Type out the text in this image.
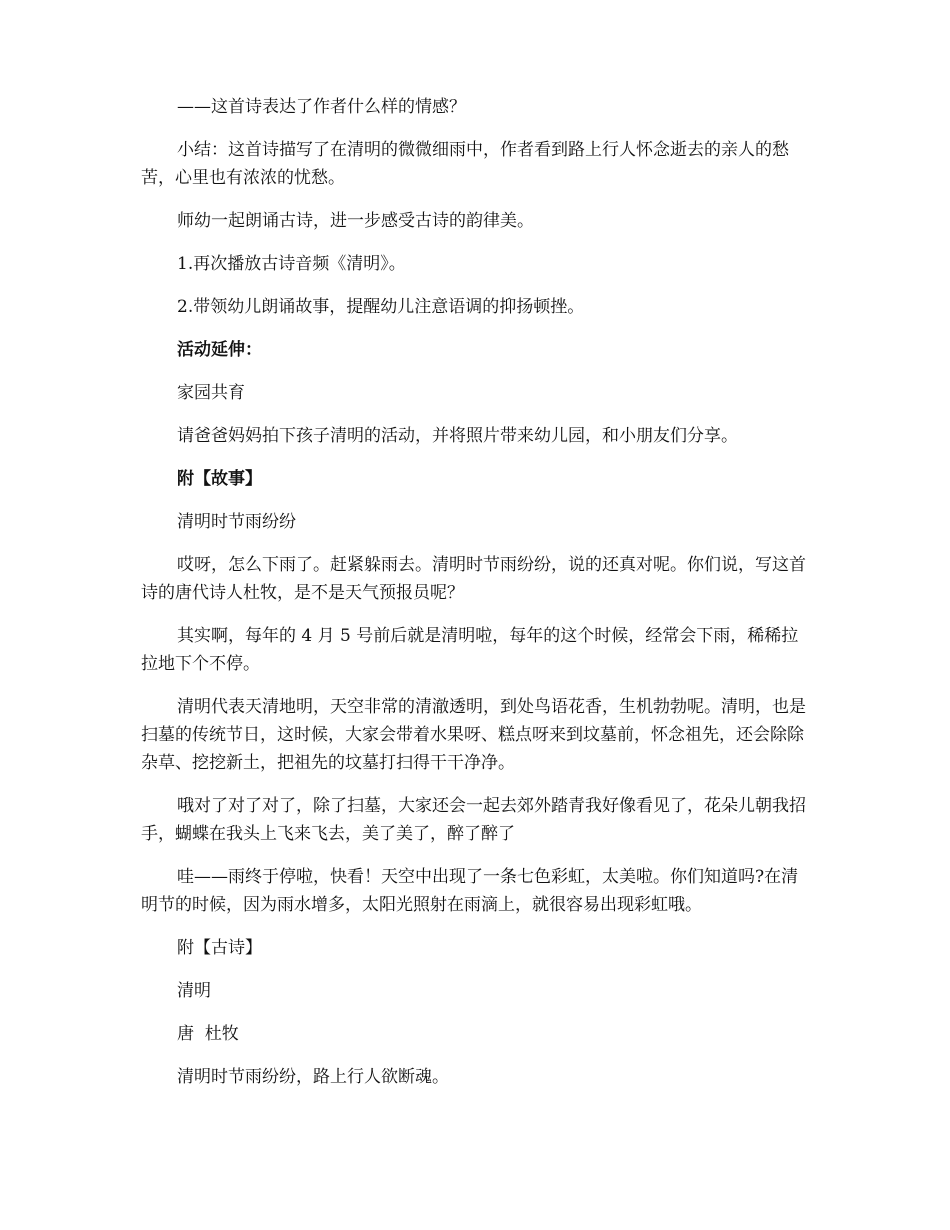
——这首诗表达了作者什么样的情感？

小结：这首诗描写了在清明的微微细雨中，作者看到路上行人怀念逝去的亲人的愁苦，心里也有浓浓的忧愁。

师幼一起朗诵古诗，进一步感受古诗的韵律美。

1.再次播放古诗音频《清明》。

2.带领幼儿朗诵故事，提醒幼儿注意语调的抑扬顿挫。

活动延伸：

家园共育

请爸爸妈妈拍下孩子清明的活动，并将照片带来幼儿园，和小朋友们分享。

附【故事】

清明时节雨纷纷

哎呀，怎么下雨了。赶紧躲雨去。清明时节雨纷纷，说的还真对呢。你们说，写这首诗的唐代诗人杜牧，是不是天气预报员呢？

其实啊，每年的 4 月 5 号前后就是清明啦，每年的这个时候，经常会下雨，稀稀拉拉地下个不停。

清明代表天清地明，天空非常的清澈透明，到处鸟语花香，生机勃勃呢。清明，也是扫墓的传统节日，这时候，大家会带着水果呀、糕点呀来到坟墓前，怀念祖先，还会除除杂草、挖挖新土，把祖先的坟墓打扫得干干净净。

哦对了对了对了，除了扫墓，大家还会一起去郊外踏青我好像看见了，花朵儿朝我招手，蝴蝶在我头上飞来飞去，美了美了，醉了醉了

哇——雨终于停啦，快看！天空中出现了一条七色彩虹，太美啦。你们知道吗?在清明节的时候，因为雨水增多，太阳光照射在雨滴上，就很容易出现彩虹哦。

附【古诗】

清明

唐  杜牧

清明时节雨纷纷，路上行人欲断魂。
